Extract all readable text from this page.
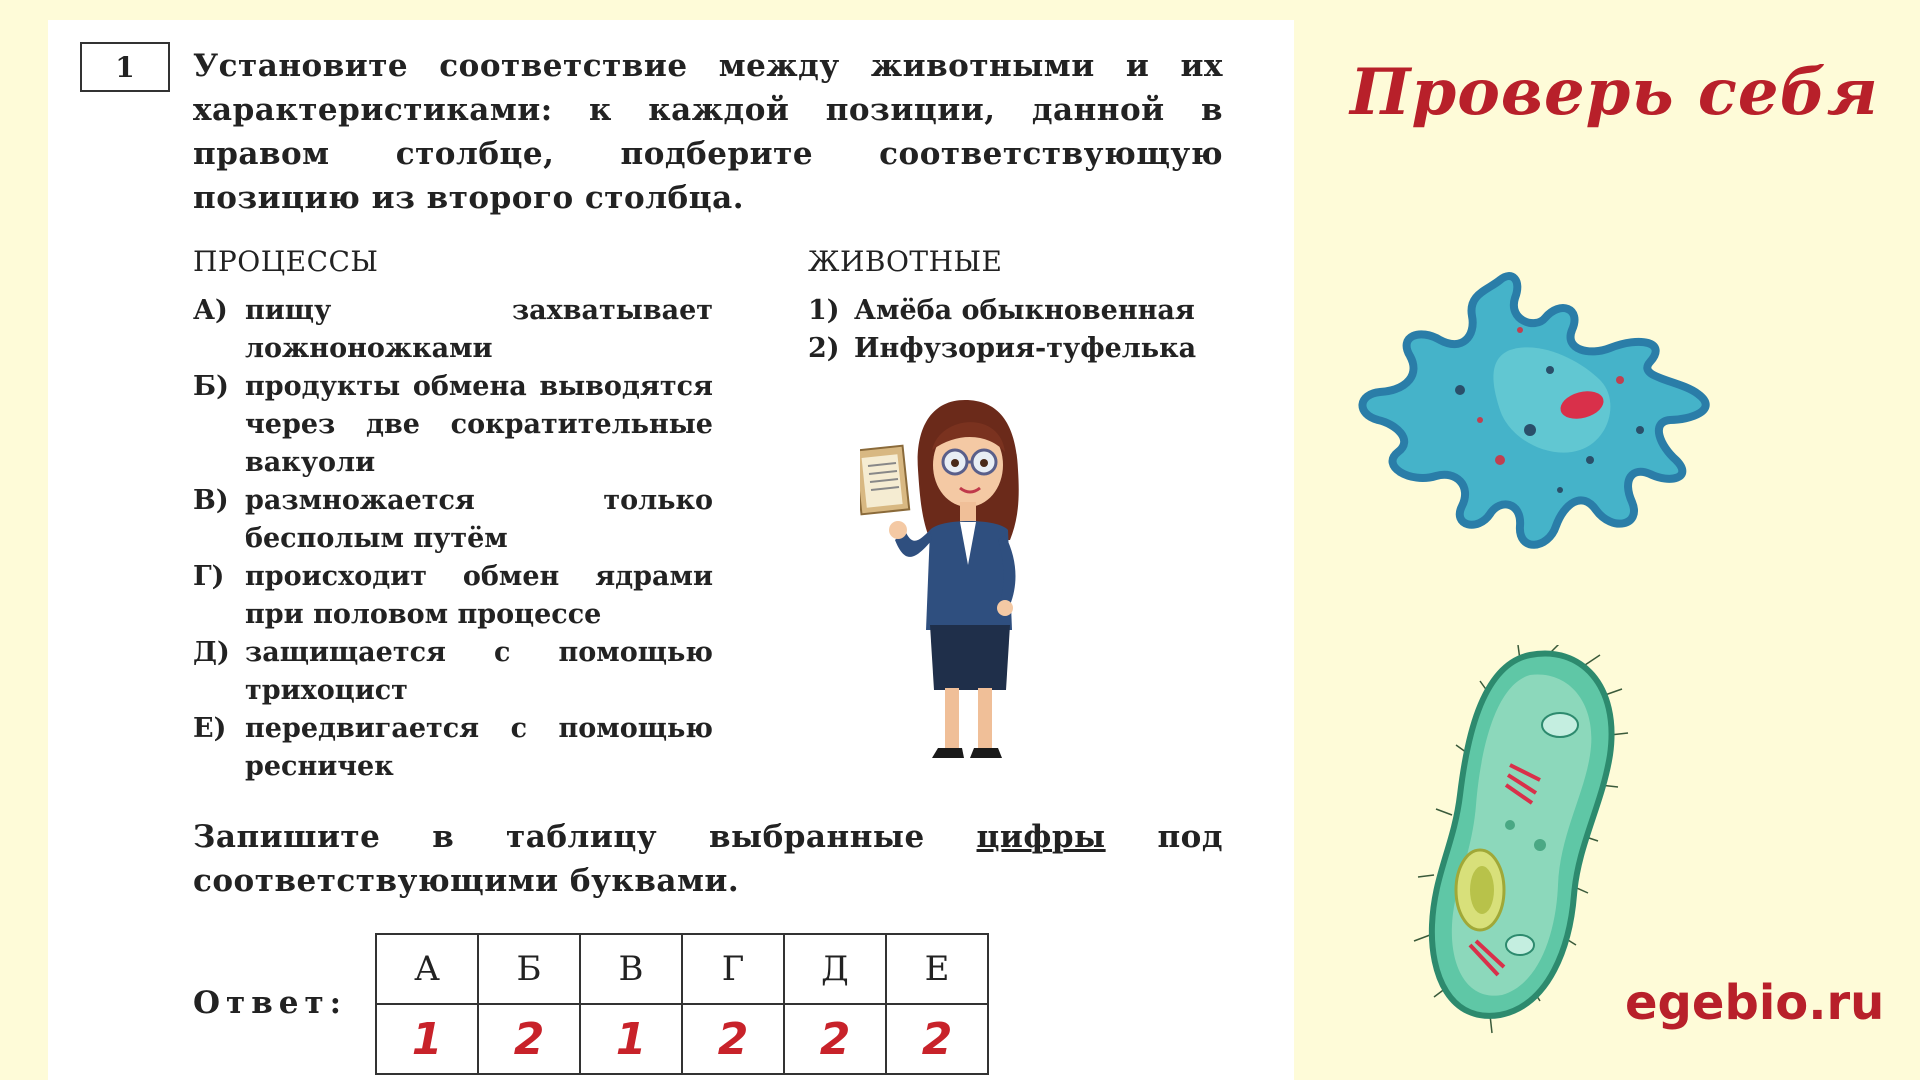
1	Установите соответствие между животными и их характеристиками: к каждой позиции, данной в правом столбце, подберите соответствующую позицию из второго столбца.
ПРОЦЕССЫ	ЖИВОТНЫЕ
А) пищу захватывает ложноножками
Б) продукты обмена выводятся через две сократительные вакуоли
В) размножается только бесполым путём
Г) происходит обмен ядрами при половом процессе
Д) защищается с помощью трихоцист
Е) передвигается с помощью ресничек
1) Амёба обыкновенная
2) Инфузория-туфелька
Запишите в таблицу выбранные цифры под соответствующими буквами.
Ответ:
А	Б	В	Г	Д	Е
1	2	1	2	2	2
Проверь себя
egebio.ru
